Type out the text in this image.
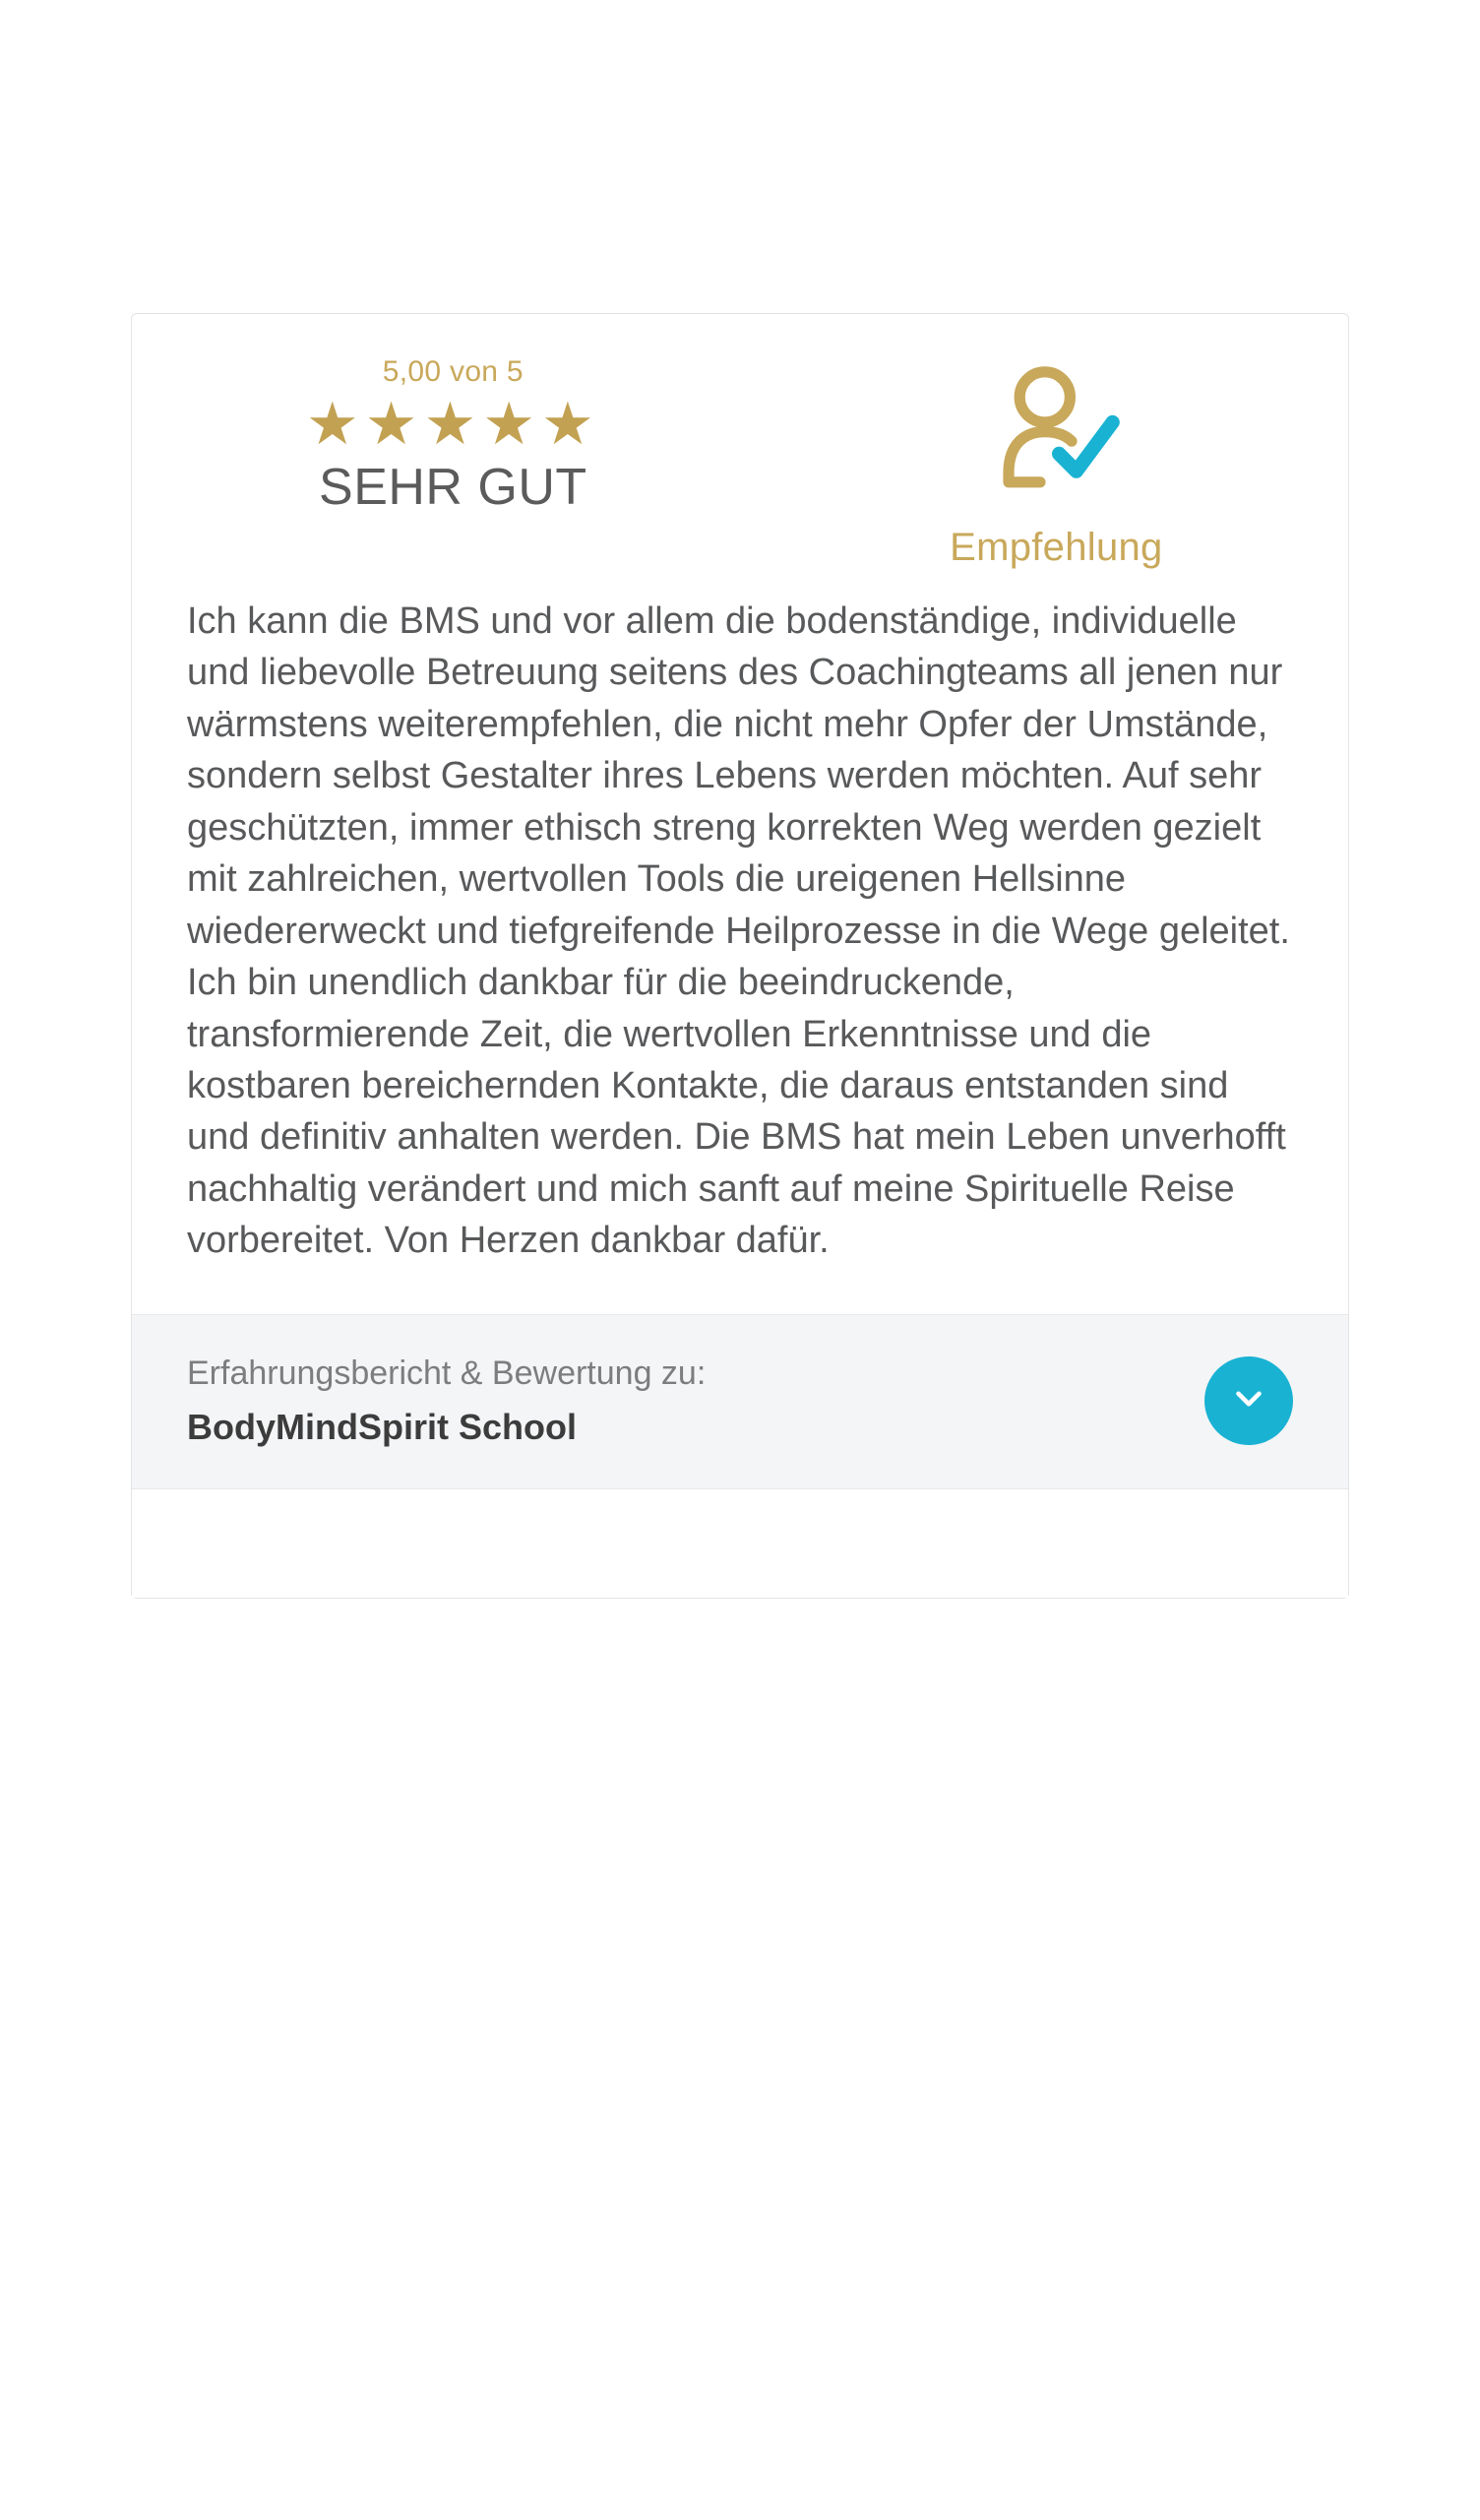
5,00 von 5
★★★★★
SEHR GUT
Empfehlung
Ich kann die BMS und vor allem die bodenständige, individuelle und liebevolle Betreuung seitens des Coachingteams all jenen nur wärmstens weiterempfehlen, die nicht mehr Opfer der Umstände, sondern selbst Gestalter ihres Lebens werden möchten. Auf sehr geschützten, immer ethisch streng korrekten Weg werden gezielt mit zahlreichen, wertvollen Tools die ureigenen Hellsinne wiedererweckt und tiefgreifende Heilprozesse in die Wege geleitet. Ich bin unendlich dankbar für die beeindruckende, transformierende Zeit, die wertvollen Erkenntnisse und die kostbaren bereichernden Kontakte, die daraus entstanden sind und definitiv anhalten werden. Die BMS hat mein Leben unverhofft nachhaltig verändert und mich sanft auf meine Spirituelle Reise vorbereitet. Von Herzen dankbar dafür.
Erfahrungsbericht & Bewertung zu:
BodyMindSpirit School
